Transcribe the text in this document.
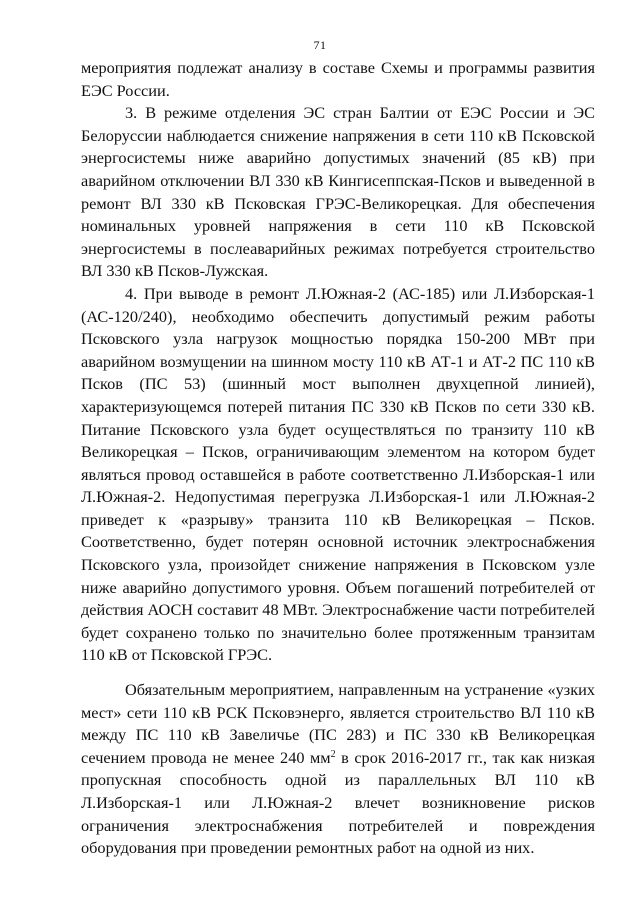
71

мероприятия подлежат анализу в составе Схемы и программы развития ЕЭС России.

3. В режиме отделения ЭС стран Балтии от ЕЭС России и ЭС Белоруссии наблюдается снижение напряжения в сети 110 кВ Псковской энергосистемы ниже аварийно допустимых значений (85 кВ) при аварийном отключении ВЛ 330 кВ Кингисеппская-Псков и выведенной в ремонт ВЛ 330 кВ Псковская ГРЭС-Великорецкая. Для обеспечения номинальных уровней напряжения в сети 110 кВ Псковской энергосистемы в послеаварийных режимах потребуется строительство ВЛ 330 кВ Псков-Лужская.

4. При выводе в ремонт Л.Южная-2 (АС-185) или Л.Изборская-1 (АС-120/240), необходимо обеспечить допустимый режим работы Псковского узла нагрузок мощностью порядка 150-200 МВт при аварийном возмущении на шинном мосту 110 кВ АТ-1 и АТ-2 ПС 110 кВ Псков (ПС 53) (шинный мост выполнен двухцепной линией), характеризующемся потерей питания ПС 330 кВ Псков по сети 330 кВ. Питание Псковского узла будет осуществляться по транзиту 110 кВ Великорецкая – Псков, ограничивающим элементом на котором будет являться провод оставшейся в работе соответственно Л.Изборская-1 или Л.Южная-2. Недопустимая перегрузка Л.Изборская-1 или Л.Южная-2 приведет к «разрыву» транзита 110 кВ Великорецкая – Псков. Соответственно, будет потерян основной источник электроснабжения Псковского узла, произойдет снижение напряжения в Псковском узле ниже аварийно допустимого уровня. Объем погашений потребителей от действия АОСН составит 48 МВт. Электроснабжение части потребителей будет сохранено только по значительно более протяженным транзитам 110 кВ от Псковской ГРЭС.

Обязательным мероприятием, направленным на устранение «узких мест» сети 110 кВ РСК Псковэнерго, является строительство ВЛ 110 кВ между ПС 110 кВ Завеличье (ПС 283) и ПС 330 кВ Великорецкая сечением провода не менее 240 $мм^2$ в срок 2016-2017 гг., так как низкая пропускная способность одной из параллельных ВЛ 110 кВ Л.Изборская-1 или Л.Южная-2 влечет возникновение рисков ограничения электроснабжения потребителей и повреждения оборудования при проведении ремонтных работ на одной из них.
